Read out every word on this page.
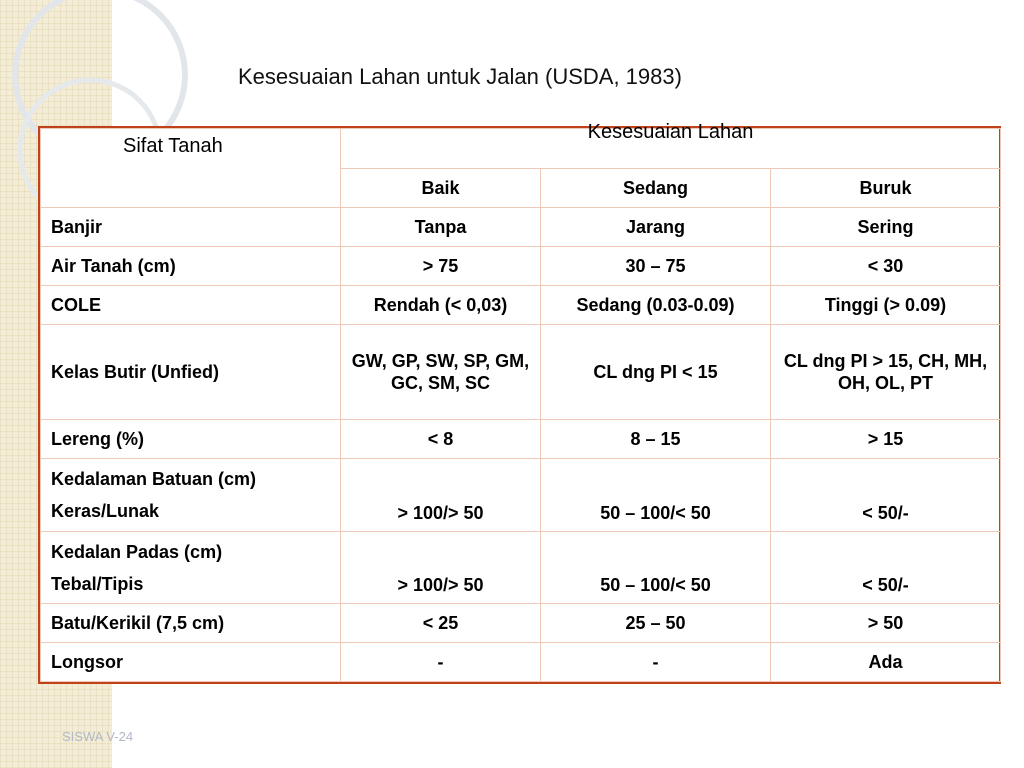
Kesesuaian Lahan untuk Jalan (USDA, 1983)
Sifat Tanah	Kesesuaian Lahan		
	Baik	Sedang	Buruk
Banjir	Tanpa	Jarang	Sering
Air Tanah (cm)	> 75	30 – 75	< 30
COLE	Rendah (< 0,03)	Sedang (0.03-0.09)	Tinggi (> 0.09)
Kelas Butir (Unfied)	GW, GP, SW, SP, GM, GC, SM, SC	CL dng PI < 15	CL dng PI > 15, CH, MH, OH, OL, PT
Lereng (%)	< 8	8 – 15	> 15

Kedalaman Batuan (cm)
Keras/Lunak	> 100/> 50	50 – 100/< 50	< 50/-

Kedalan Padas (cm)
Tebal/Tipis	> 100/> 50	50 – 100/< 50	< 50/-
Batu/Kerikil (7,5 cm)	< 25	25 – 50	> 50
Longsor	-	-	Ada
SISWA V-24
